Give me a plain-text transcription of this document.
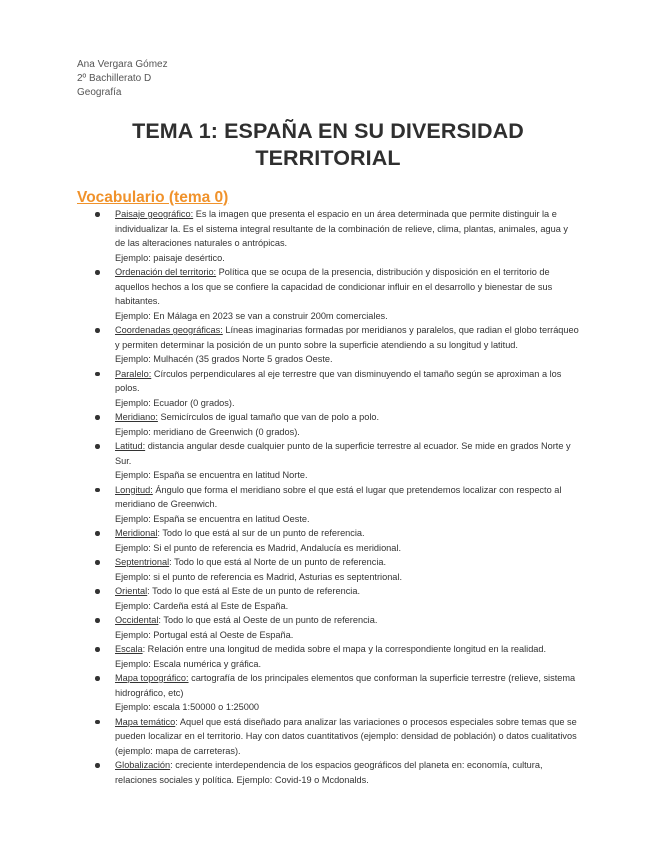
Ana Vergara Gómez
2º Bachillerato D
Geografía
TEMA 1: ESPAÑA EN SU DIVERSIDAD TERRITORIAL
Vocabulario (tema 0)
Paisaje geográfico: Es la imagen que presenta el espacio en un área determinada que permite distinguir la e individualizar la. Es el sistema integral resultante de la combinación de relieve, clima, plantas, animales, agua y de las alteraciones naturales o antrópicas.
Ejemplo: paisaje desértico.
Ordenación del territorio: Política que se ocupa de la presencia, distribución y disposición en el territorio de aquellos hechos a los que se confiere la capacidad de condicionar influir en el desarrollo y bienestar de sus habitantes.
Ejemplo: En Málaga en 2023 se van a construir 200m comerciales.
Coordenadas geográficas: Líneas imaginarias formadas por meridianos y paralelos, que radian el globo terráqueo y permiten determinar la posición de un punto sobre la superficie atendiendo a su longitud y latitud.
Ejemplo: Mulhacén (35 grados Norte 5 grados Oeste.
Paralelo: Círculos perpendiculares al eje terrestre que van disminuyendo el tamaño según se aproximan a los polos.
Ejemplo: Ecuador (0 grados).
Meridiano: Semicírculos de igual tamaño que van de polo a polo.
Ejemplo: meridiano de Greenwich (0 grados).
Latitud: distancia angular desde cualquier punto de la superficie terrestre al ecuador. Se mide en grados Norte y Sur.
Ejemplo: España se encuentra en latitud Norte.
Longitud: Ángulo que forma el meridiano sobre el que está el lugar que pretendemos localizar con respecto al meridiano de Greenwich.
Ejemplo: España se encuentra en latitud Oeste.
Meridional: Todo lo que está al sur de un punto de referencia.
Ejemplo: Si el punto de referencia es Madrid, Andalucía es meridional.
Septentrional: Todo lo que está al Norte de un punto de referencia.
Ejemplo: si el punto de referencia es Madrid, Asturias es septentrional.
Oriental: Todo lo que está al Este de un punto de referencia.
Ejemplo: Cardeña está al Este de España.
Occidental: Todo lo que está al Oeste de un punto de referencia.
Ejemplo: Portugal está al Oeste de España.
Escala: Relación entre una longitud de medida sobre el mapa y la correspondiente longitud en la realidad.
Ejemplo: Escala numérica y gráfica.
Mapa topográfico: cartografía de los principales elementos que conforman la superficie terrestre (relieve, sistema hidrográfico, etc)
Ejemplo: escala 1:50000 o 1:25000
Mapa temático: Aquel que está diseñado para analizar las variaciones o procesos especiales sobre temas que se pueden localizar en el territorio. Hay con datos cuantitativos (ejemplo: densidad de población) o datos cualitativos (ejemplo: mapa de carreteras).
Globalización: creciente interdependencia de los espacios geográficos del planeta en: economía, cultura, relaciones sociales y política. Ejemplo: Covid-19 o Mcdonalds.
